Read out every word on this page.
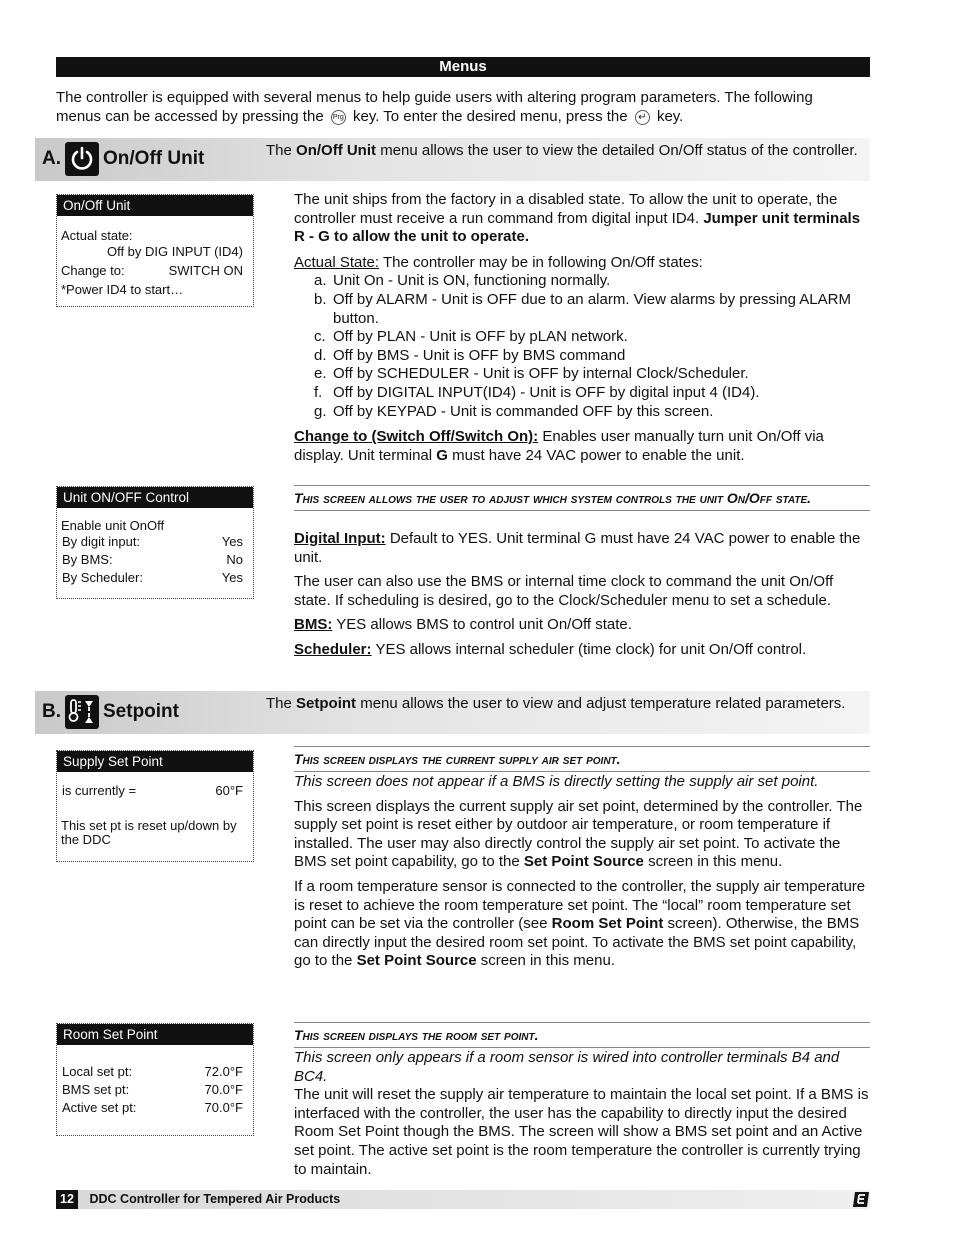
Menus
The controller is equipped with several menus to help guide users with altering program parameters. The following menus can be accessed by pressing the Prg key. To enter the desired menu, press the ↵ key.
A. On/Off Unit	The On/Off Unit menu allows the user to view the detailed On/Off status of the controller.
On/Off Unit
Actual state:
Off by DIG INPUT (ID4)
Change to:	SWITCH ON
*Power ID4 to start…

The unit ships from the factory in a disabled state. To allow the unit to operate, the controller must receive a run command from digital input ID4. Jumper unit terminals R - G to allow the unit to operate.

Actual State: The controller may be in following On/Off states:
a. Unit On - Unit is ON, functioning normally.
b. Off by ALARM - Unit is OFF due to an alarm. View alarms by pressing ALARM button.
c. Off by PLAN - Unit is OFF by pLAN network.
d. Off by BMS - Unit is OFF by BMS command
e. Off by SCHEDULER - Unit is OFF by internal Clock/Scheduler.
f. Off by DIGITAL INPUT(ID4) - Unit is OFF by digital input 4 (ID4).
g. Off by KEYPAD - Unit is commanded OFF by this screen.

Change to (Switch Off/Switch On): Enables user manually turn unit On/Off via display. Unit terminal G must have 24 VAC power to enable the unit.

Unit ON/OFF Control
Enable unit OnOff
By digit input:	Yes
By BMS:	No
By Scheduler:	Yes
This screen allows the user to adjust which system controls the unit On/Off state.

Digital Input: Default to YES. Unit terminal G must have 24 VAC power to enable the unit.

The user can also use the BMS or internal time clock to command the unit On/Off state. If scheduling is desired, go to the Clock/Scheduler menu to set a schedule.

BMS: YES allows BMS to control unit On/Off state.

Scheduler: YES allows internal scheduler (time clock) for unit On/Off control.

B. Setpoint	The Setpoint menu allows the user to view and adjust temperature related parameters.
Supply Set Point
is currently =	60°F
This set pt is reset up/down by the DDC
This screen displays the current supply air set point.

This screen does not appear if a BMS is directly setting the supply air set point.

This screen displays the current supply air set point, determined by the controller. The supply set point is reset either by outdoor air temperature, or room temperature if installed. The user may also directly control the supply air set point. To activate the BMS set point capability, go to the Set Point Source screen in this menu.

If a room temperature sensor is connected to the controller, the supply air temperature is reset to achieve the room temperature set point. The “local” room temperature set point can be set via the controller (see Room Set Point screen). Otherwise, the BMS can directly input the desired room set point. To activate the BMS set point capability, go to the Set Point Source screen in this menu.

Room Set Point
Local set pt:	72.0°F
BMS set pt:	70.0°F
Active set pt:	70.0°F
This screen displays the room set point.

This screen only appears if a room sensor is wired into controller terminals B4 and BC4.

The unit will reset the supply air temperature to maintain the local set point. If a BMS is interfaced with the controller, the user has the capability to directly input the desired Room Set Point though the BMS. The screen will show a BMS set point and an Active set point. The active set point is the room temperature the controller is currently trying to maintain.

12 DDC Controller for Tempered Air Products
